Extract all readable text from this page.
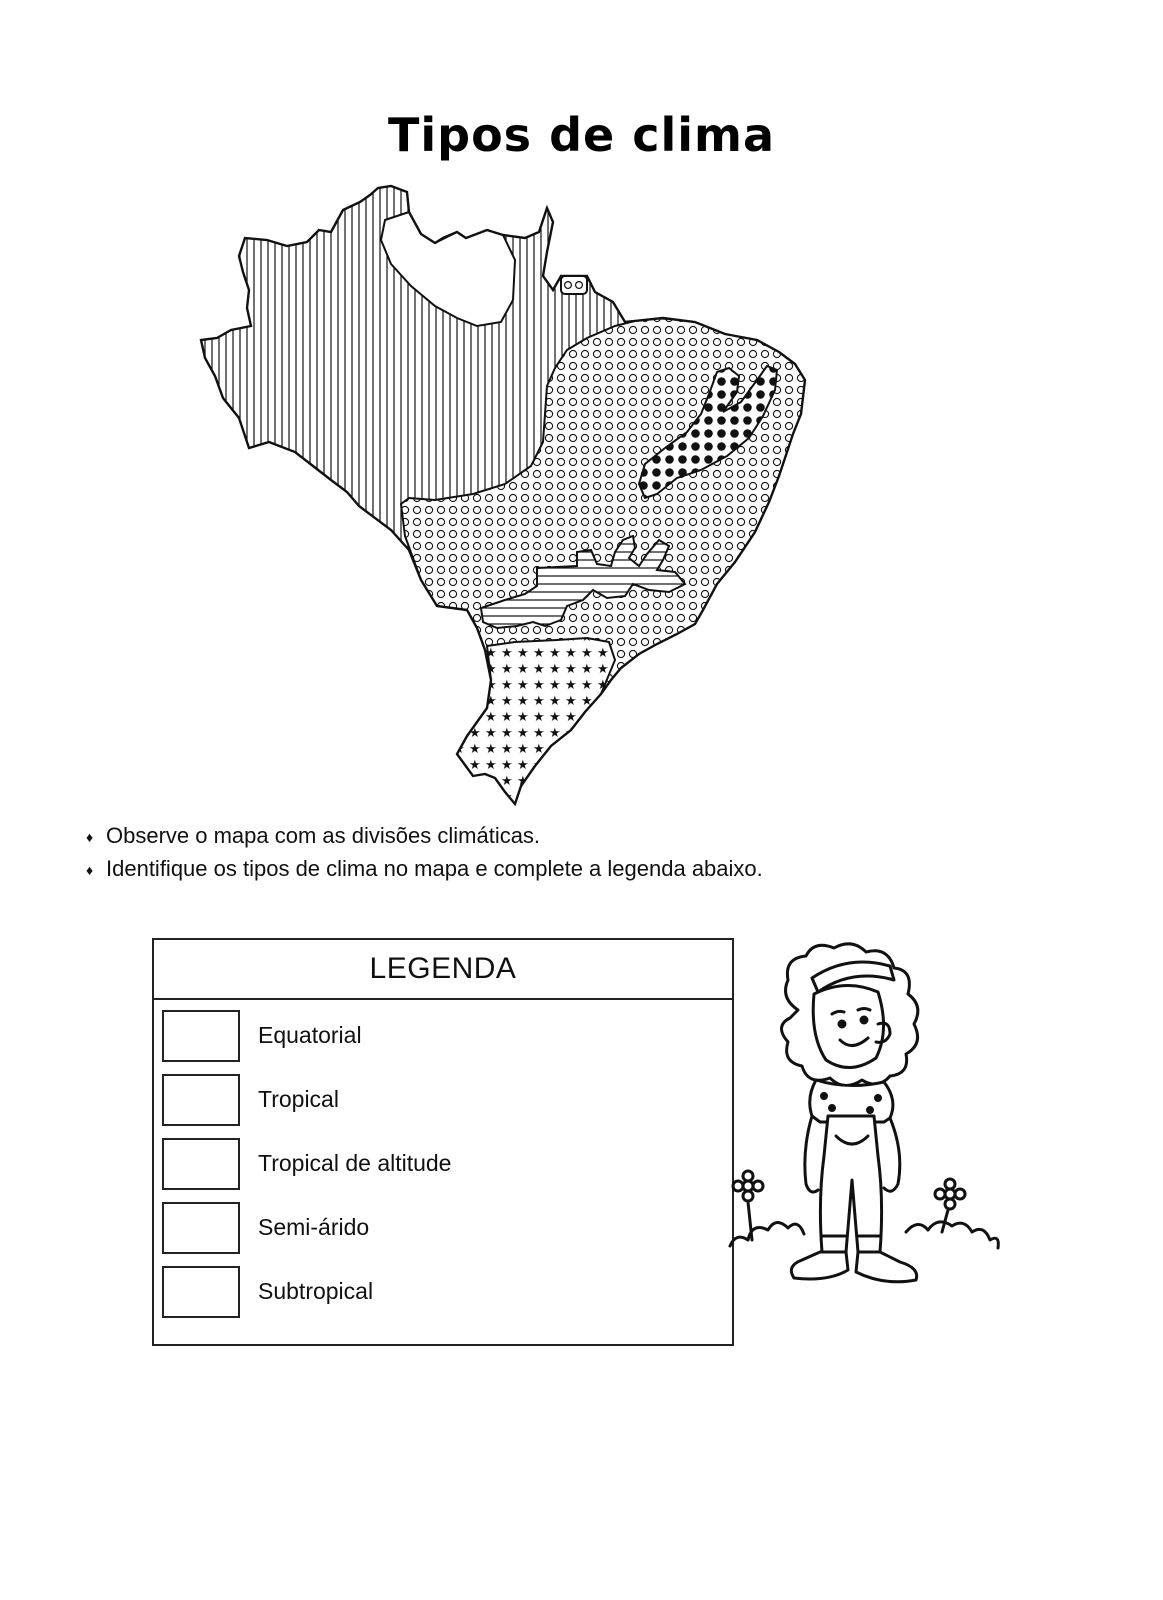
Tipos de clima
♦ Observe o mapa com as divisões climáticas.
♦ Identifique os tipos de clima no mapa e complete a legenda abaixo.
LEGENDA
Equatorial
Tropical
Tropical de altitude
Semi-árido
Subtropical
